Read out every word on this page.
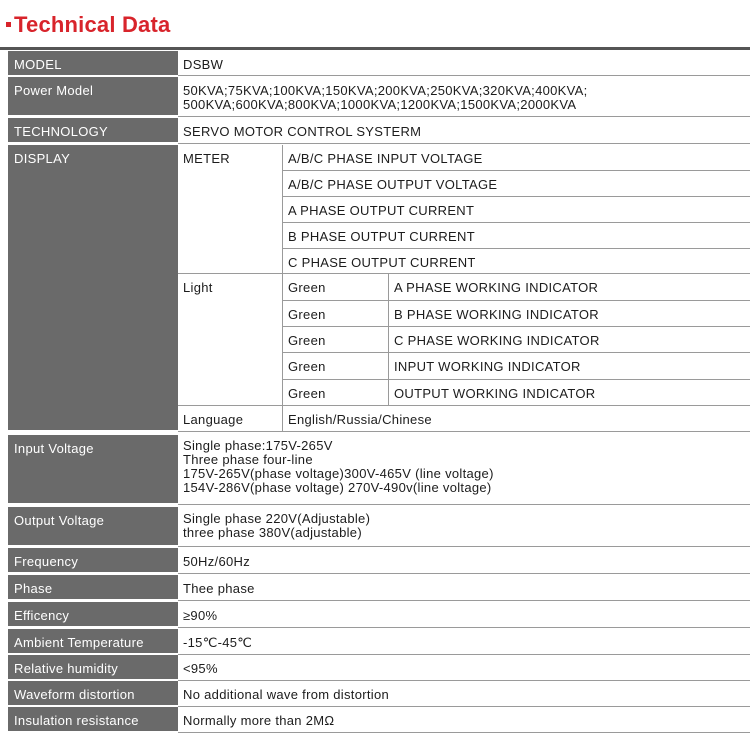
Technical Data
MODEL	DSBW
Power Model	50KVA;75KVA;100KVA;150KVA;200KVA;250KVA;320KVA;400KVA;
500KVA;600KVA;800KVA;1000KVA;1200KVA;1500KVA;2000KVA
TECHNOLOGY	SERVO MOTOR CONTROL SYSTERM
DISPLAY	METER	A/B/C PHASE INPUT VOLTAGE
A/B/C PHASE OUTPUT VOLTAGE
A PHASE OUTPUT CURRENT
B PHASE OUTPUT CURRENT
C PHASE OUTPUT CURRENT
Light	Green	A PHASE WORKING INDICATOR
Green	B PHASE WORKING INDICATOR
Green	C PHASE WORKING INDICATOR
Green	INPUT WORKING INDICATOR
Green	OUTPUT WORKING INDICATOR
Language	English/Russia/Chinese
Input Voltage	Single phase:175V-265V
Three phase four-line
175V-265V(phase voltage)300V-465V (line voltage)
154V-286V(phase voltage) 270V-490v(line voltage)
Output Voltage	Single phase 220V(Adjustable)
three phase 380V(adjustable)
Frequency	50Hz/60Hz
Phase	Thee phase
Efficency	≥90%
Ambient Temperature	-15℃-45℃
Relative humidity	<95%
Waveform distortion	No additional wave from distortion
Insulation resistance	Normally more than 2MΩ
